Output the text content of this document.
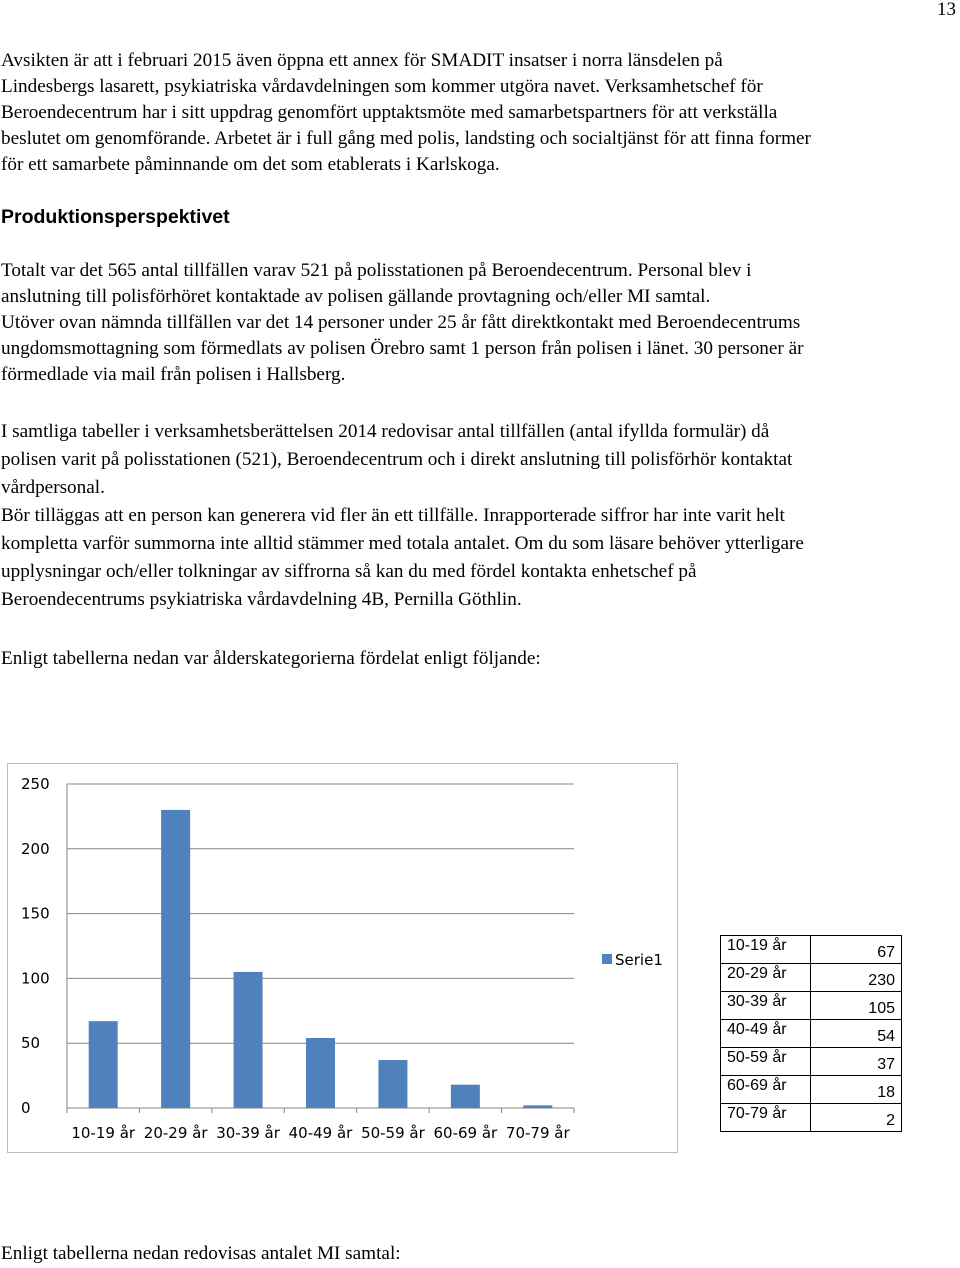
13

Avsikten är att i februari 2015 även öppna ett annex för SMADIT insatser i norra länsdelen på
Lindesbergs lasarett, psykiatriska vårdavdelningen som kommer utgöra navet. Verksamhetschef för
Beroendecentrum har i sitt uppdrag genomfört upptaktsmöte med samarbetspartners för att verkställa
beslutet om genomförande. Arbetet är i full gång med polis, landsting och socialtjänst för att finna former
för ett samarbete påminnande om det som etablerats i Karlskoga.

Produktionsperspektivet

Totalt var det 565 antal tillfällen varav 521 på polisstationen på Beroendecentrum. Personal blev i
anslutning till polisförhöret kontaktade av polisen gällande provtagning och/eller MI samtal.
Utöver ovan nämnda tillfällen var det 14 personer under 25 år fått direktkontakt med Beroendecentrums
ungdomsmottagning som förmedlats av polisen Örebro samt 1 person från polisen i länet. 30 personer är
förmedlade via mail från polisen i Hallsberg.

I samtliga tabeller i verksamhetsberättelsen 2014 redovisar antal tillfällen (antal ifyllda formulär) då
polisen varit på polisstationen (521), Beroendecentrum och i direkt anslutning till polisförhör kontaktat
vårdpersonal.
Bör tilläggas att en person kan generera vid fler än ett tillfälle. Inrapporterade siffror har inte varit helt
kompletta varför summorna inte alltid stämmer med totala antalet. Om du som läsare behöver ytterligare
upplysningar och/eller tolkningar av siffrorna så kan du med fördel kontakta enhetschef på
Beroendecentrums psykiatriska vårdavdelning 4B, Pernilla Göthlin.

Enligt tabellerna nedan var ålderskategorierna fördelat enligt följande:

0
50
100
150
200
250
10-19 år 20-29 år 30-39 år 40-49 år 50-59 år 60-69 år 70-79 år
Serie1
10-19 år	67
20-29 år	230
30-39 år	105
40-49 år	54
50-59 år	37
60-69 år	18
70-79 år	2

Enligt tabellerna nedan redovisas antalet MI samtal:
